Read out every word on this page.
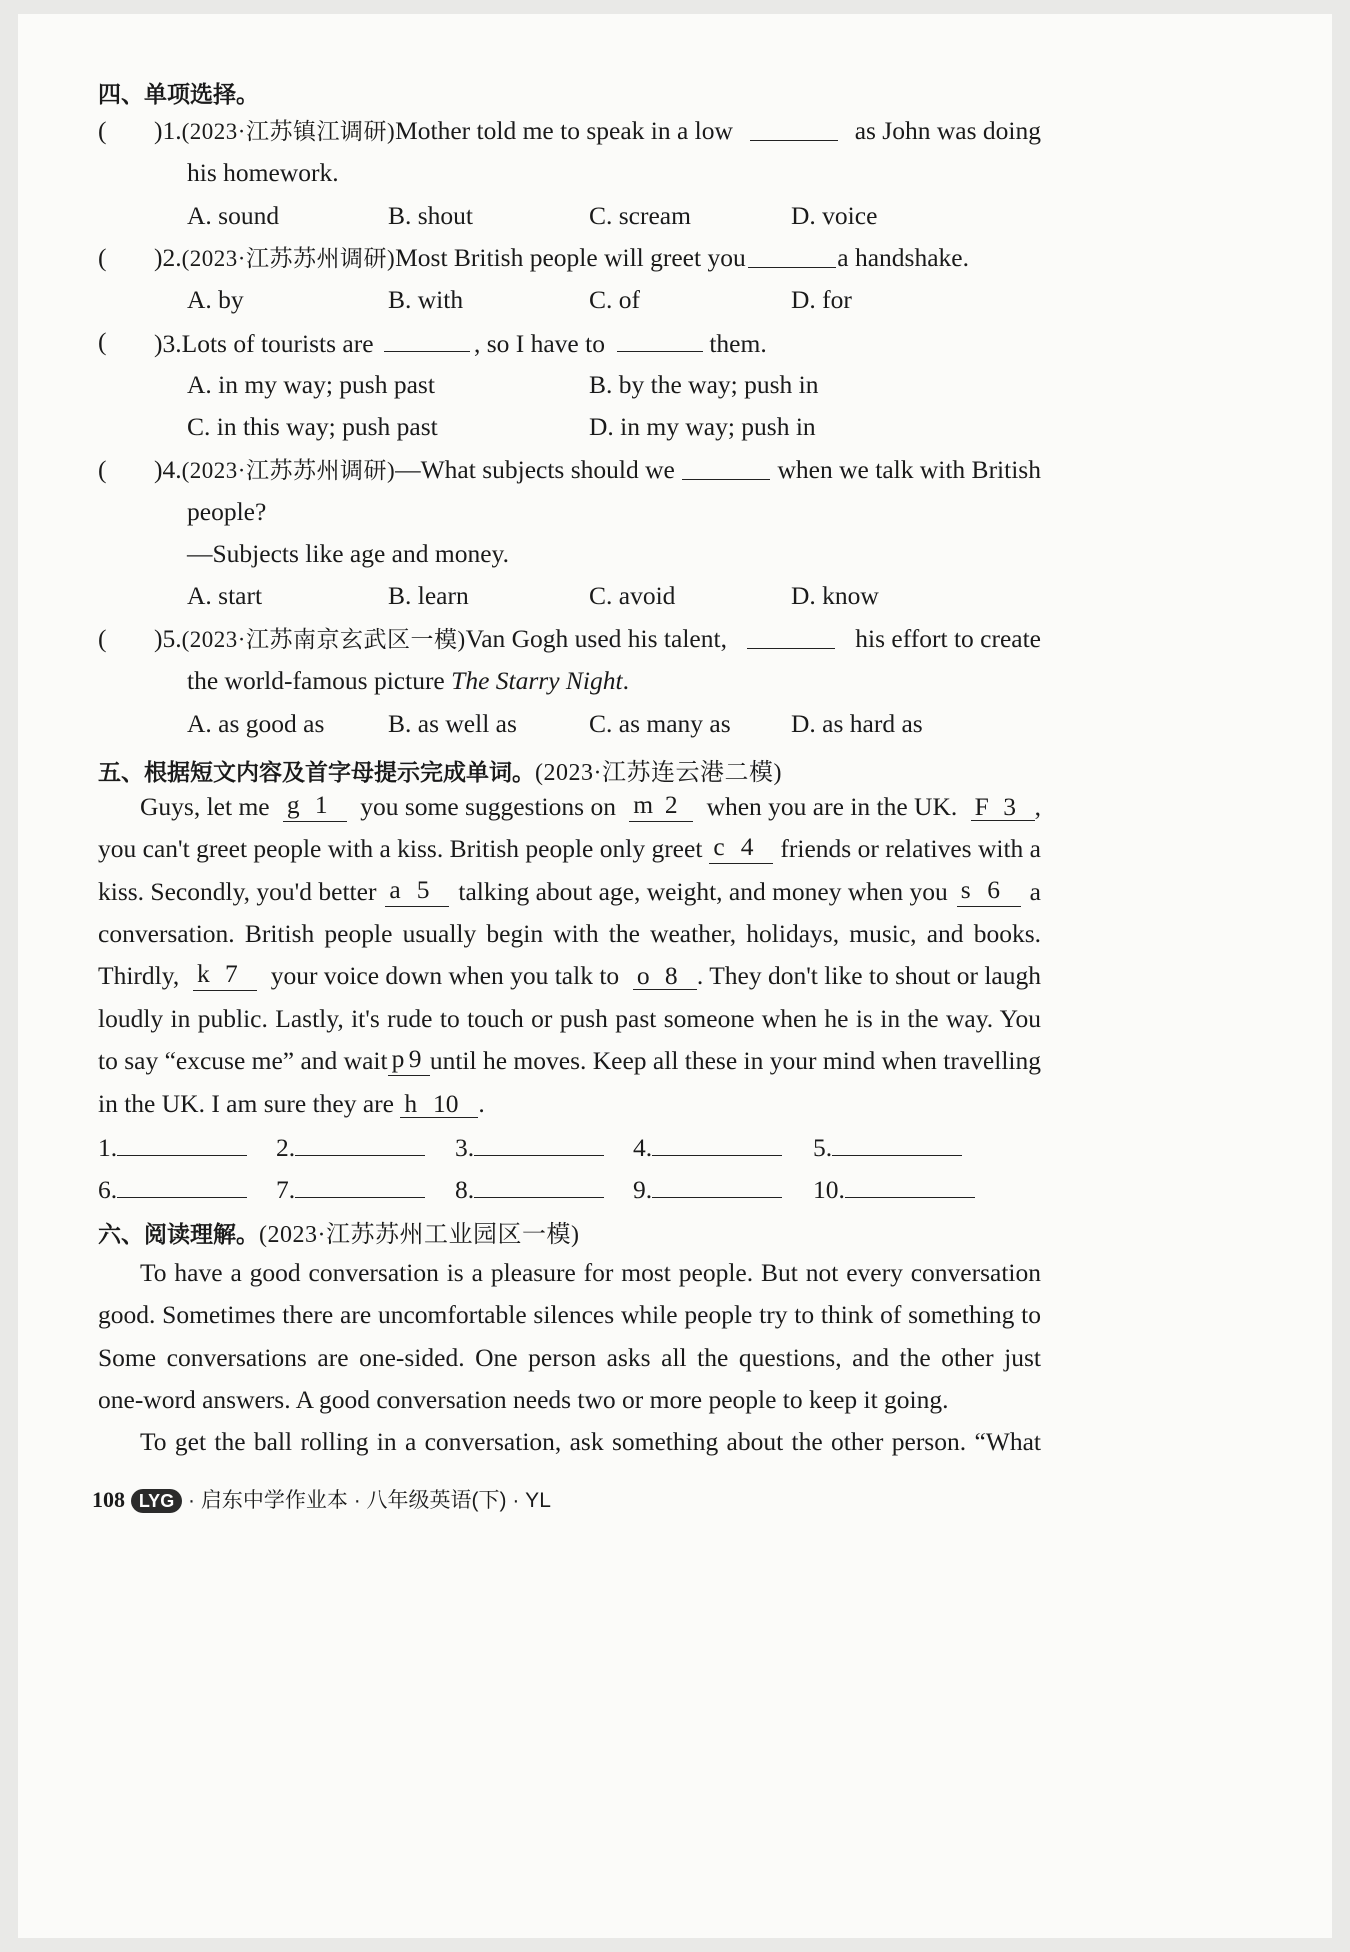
四、单项选择。
( )1.(2023·江苏镇江调研)Mother told me to speak in a low	as John was doing
his homework.
A. sound	B. shout	C. scream	D. voice
( )2.(2023·江苏苏州调研)Most British people will greet you	a handshake.
A. by	B. with	C. of	D. for
( )3.Lots of tourists are	, so I have to	them.
A. in my way; push past	B. by the way; push in
C. in this way; push past	D. in my way; push in
( )4.(2023·江苏苏州调研)—What subjects should we	when we talk with British
people?
—Subjects like age and money.
A. start	B. learn	C. avoid	D. know
( )5.(2023·江苏南京玄武区一模)Van Gogh used his talent,	his effort to create
the world-famous picture The Starry Night.
A. as good as B. as well as	C. as many as D. as hard as
五、根据短文内容及首字母提示完成单词。(2023·江苏连云港二模)
Guys, let me g 1	you some suggestions on m 2	when you are in the UK. F 3 ,
you can't greet people with a kiss. British people only greet c 4	friends or relatives with a
kiss. Secondly, you'd better a 5	talking about age, weight, and money when you s 6	a
conversation. British people usually begin with the weather, holidays, music, and books.
Thirdly, k 7	your voice down when you talk to o 8 . They don't like to shout or laugh
loudly in public. Lastly, it's rude to touch or push past someone when he is in the way. You
to say “excuse me” and wait p 9 until he moves. Keep all these in your mind when travelling
in the UK. I am sure they are h 10 .
1.	2.	3.	4.	5.
6.	7.	8.	9.	10.
六、阅读理解。(2023·江苏苏州工业园区一模)
To have a good conversation is a pleasure for most people. But not every conversation
good. Sometimes there are uncomfortable silences while people try to think of something to
Some conversations are one-sided. One person asks all the questions, and the other just
one-word answers. A good conversation needs two or more people to keep it going.
To get the ball rolling in a conversation, ask something about the other person. “What
108 LYG · 启东中学作业本 · 八年级英语(下) · YL
